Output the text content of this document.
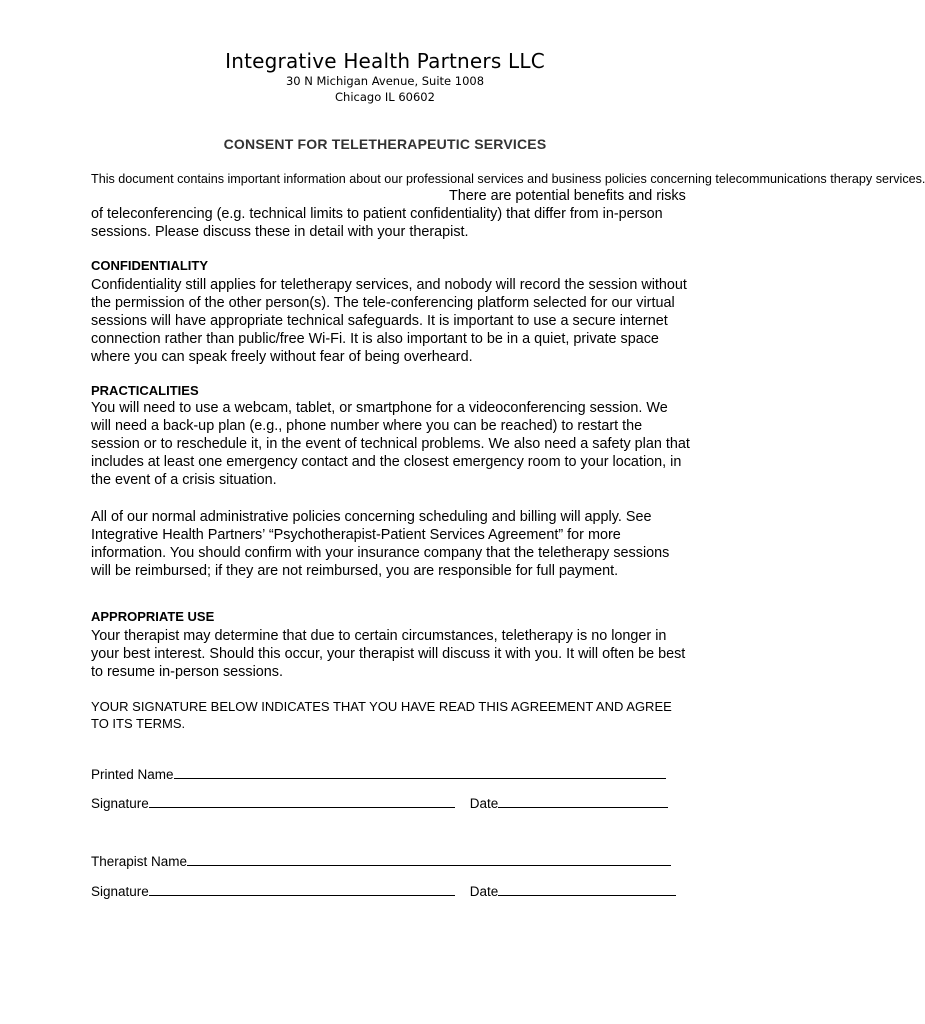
Integrative Health Partners LLC

30 N Michigan Avenue, Suite 1008

Chicago IL 60602

CONSENT FOR TELETHERAPEUTIC SERVICES

This document contains important information about our professional services and business policies concerning telecommunications therapy services.

There are potential benefits and risks of teleconferencing (e.g. technical limits to patient confidentiality) that differ from in-person sessions. Please discuss these in detail with your therapist.

CONFIDENTIALITY

Confidentiality still applies for teletherapy services, and nobody will record the session without the permission of the other person(s). The tele-conferencing platform selected for our virtual sessions will have appropriate technical safeguards. It is important to use a secure internet connection rather than public/free Wi-Fi. It is also important to be in a quiet, private space where you can speak freely without fear of being overheard.

PRACTICALITIES

You will need to use a webcam, tablet, or smartphone for a videoconferencing session. We will need a back-up plan (e.g., phone number where you can be reached) to restart the session or to reschedule it, in the event of technical problems. We also need a safety plan that includes at least one emergency contact and the closest emergency room to your location, in the event of a crisis situation.

All of our normal administrative policies concerning scheduling and billing will apply. See Integrative Health Partners’ “Psychotherapist-Patient Services Agreement” for more information. You should confirm with your insurance company that the teletherapy sessions will be reimbursed; if they are not reimbursed, you are responsible for full payment.

APPROPRIATE USE

Your therapist may determine that due to certain circumstances, teletherapy is no longer in your best interest. Should this occur, your therapist will discuss it with you. It will often be best to resume in-person sessions.

YOUR SIGNATURE BELOW INDICATES THAT YOU HAVE READ THIS AGREEMENT AND AGREE TO ITS TERMS.

Printed Name
Signature	Date
Therapist Name
Signature	Date
